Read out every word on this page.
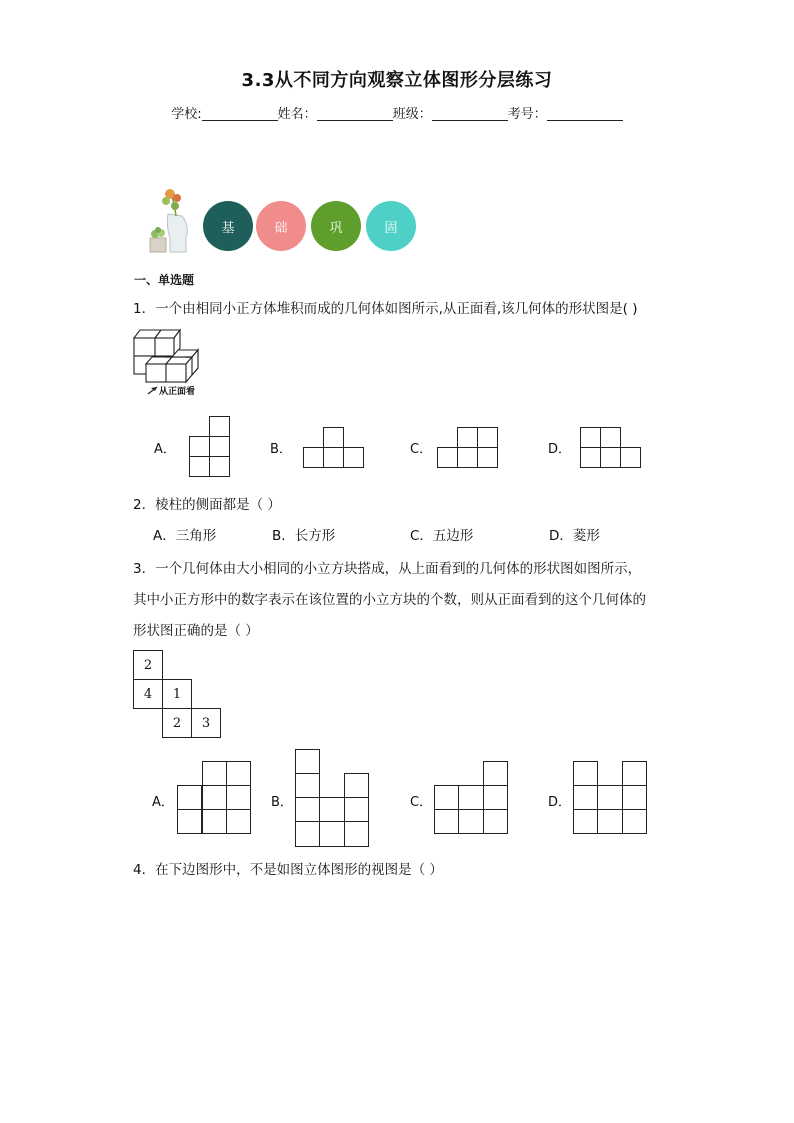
3.3从不同方向观察立体图形分层练习
学校:	姓名：	班级：	考号：
基	础	巩	固
一、单选题
1．一个由相同小正方体堆积而成的几何体如图所示,从正面看,该几何体的形状图是( )
从正面看
A．	B．	C．	D．
2．棱柱的侧面都是（ ）
A．三角形	B．长方形	C．五边形	D．菱形
3．一个几何体由大小相同的小立方块搭成，从上面看到的几何体的形状图如图所示，
其中小正方形中的数字表示在该位置的小立方块的个数，则从正面看到的这个几何体的
形状图正确的是（ ）
2
4	1
2	3
A．	B．	C．	D．
4．在下边图形中，不是如图立体图形的视图是（ ）
